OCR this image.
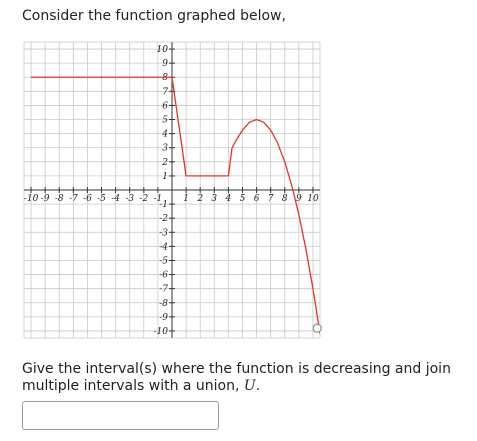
Consider the function graphed below,
-10 -9 -8 -7 -6 -5 -4 -3 -2 -1 1 2 3 4 5 6 7 8 9 10
10
9
8
7
6
5
4
3
2
1
-1
-2
-3
-4
-5
-6
-7
-8
-9
-10
Give the interval(s) where the function is decreasing and join multiple intervals with a union, U.
